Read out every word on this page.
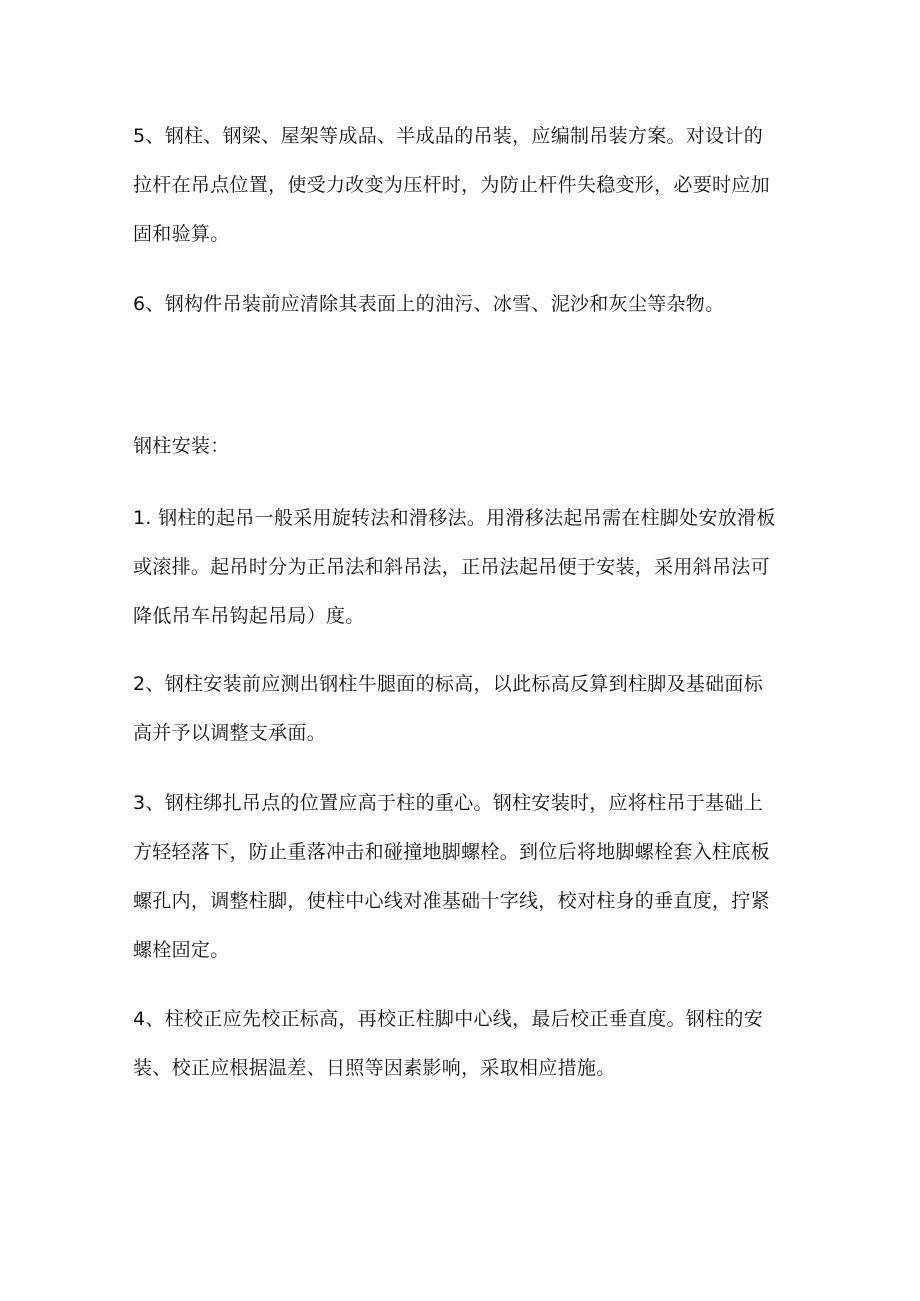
5、钢柱、钢梁、屋架等成品、半成品的吊装，应编制吊装方案。对设计的
拉杆在吊点位置，使受力改变为压杆时，为防止杆件失稳变形，必要时应加
固和验算。

6、钢构件吊装前应清除其表面上的油污、冰雪、泥沙和灰尘等杂物。

钢柱安装：

1. 钢柱的起吊一般采用旋转法和滑移法。用滑移法起吊需在柱脚处安放滑板
或滚排。起吊时分为正吊法和斜吊法，正吊法起吊便于安装，采用斜吊法可
降低吊车吊钩起吊局）度。

2、钢柱安装前应测出钢柱牛腿面的标高，以此标高反算到柱脚及基础面标
高并予以调整支承面。

3、钢柱绑扎吊点的位置应高于柱的重心。钢柱安装时，应将柱吊于基础上
方轻轻落下，防止重落冲击和碰撞地脚螺栓。到位后将地脚螺栓套入柱底板
螺孔内，调整柱脚，使柱中心线对准基础十字线，校对柱身的垂直度，拧紧
螺栓固定。

4、柱校正应先校正标高，再校正柱脚中心线，最后校正垂直度。钢柱的安
装、校正应根据温差、日照等因素影响，采取相应措施。
